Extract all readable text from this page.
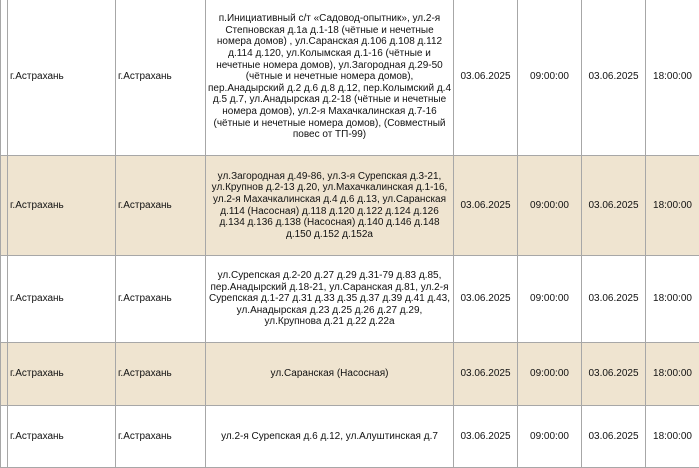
	г.Астрахань	г.Астрахань	п.Инициативный с/т «Садовод-опытник», ул.2-я Степновская д.1а д.1-18 (чётные и нечетные номера домов) , ул.Саранская д.106 д.108 д.112 д.114 д.120, ул.Колымская д.1-16 (чётные и нечетные номера домов), ул.Загородная д.29-50 (чётные и нечетные номера домов), пер.Анадырский д.2 д.6 д.8 д.12, пер.Колымский д.4 д.5 д.7, ул.Анадырская д.2-18 (чётные и нечетные номера домов), ул.2-я Махачкалинская д.7-16 (чётные и нечетные номера домов), (Совместный повес от ТП-99)	03.06.2025	09:00:00	03.06.2025	18:00:00
	г.Астрахань	г.Астрахань	ул.Загородная д.49-86, ул.3-я Сурепская д.3-21, ул.Крупнов д.2-13 д.20, ул.Махачкалинская д.1-16, ул.2-я Махачкалинская д.4 д.6 д.13, ул.Саранская д.114 (Насосная) д.118 д.120 д.122 д.124 д.126 д.134 д.136 д.138 (Насосная) д.140 д.146 д.148 д.150 д.152 д.152а	03.06.2025	09:00:00	03.06.2025	18:00:00
	г.Астрахань	г.Астрахань	ул.Сурепская д.2-20 д.27 д.29 д.31-79 д.83 д.85, пер.Анадырский д.18-21, ул.Саранская д.81, ул.2-я Сурепская д.1-27 д.31 д.33 д.35 д.37 д.39 д.41 д.43, ул.Анадырская д.23 д.25 д.26 д.27 д.29, ул.Крупнова д.21 д.22 д.22а	03.06.2025	09:00:00	03.06.2025	18:00:00
	г.Астрахань	г.Астрахань	ул.Саранская (Насосная)	03.06.2025	09:00:00	03.06.2025	18:00:00
	г.Астрахань	г.Астрахань	ул.2-я Сурепская д.6 д.12, ул.Алуштинская д.7	03.06.2025	09:00:00	03.06.2025	18:00:00
